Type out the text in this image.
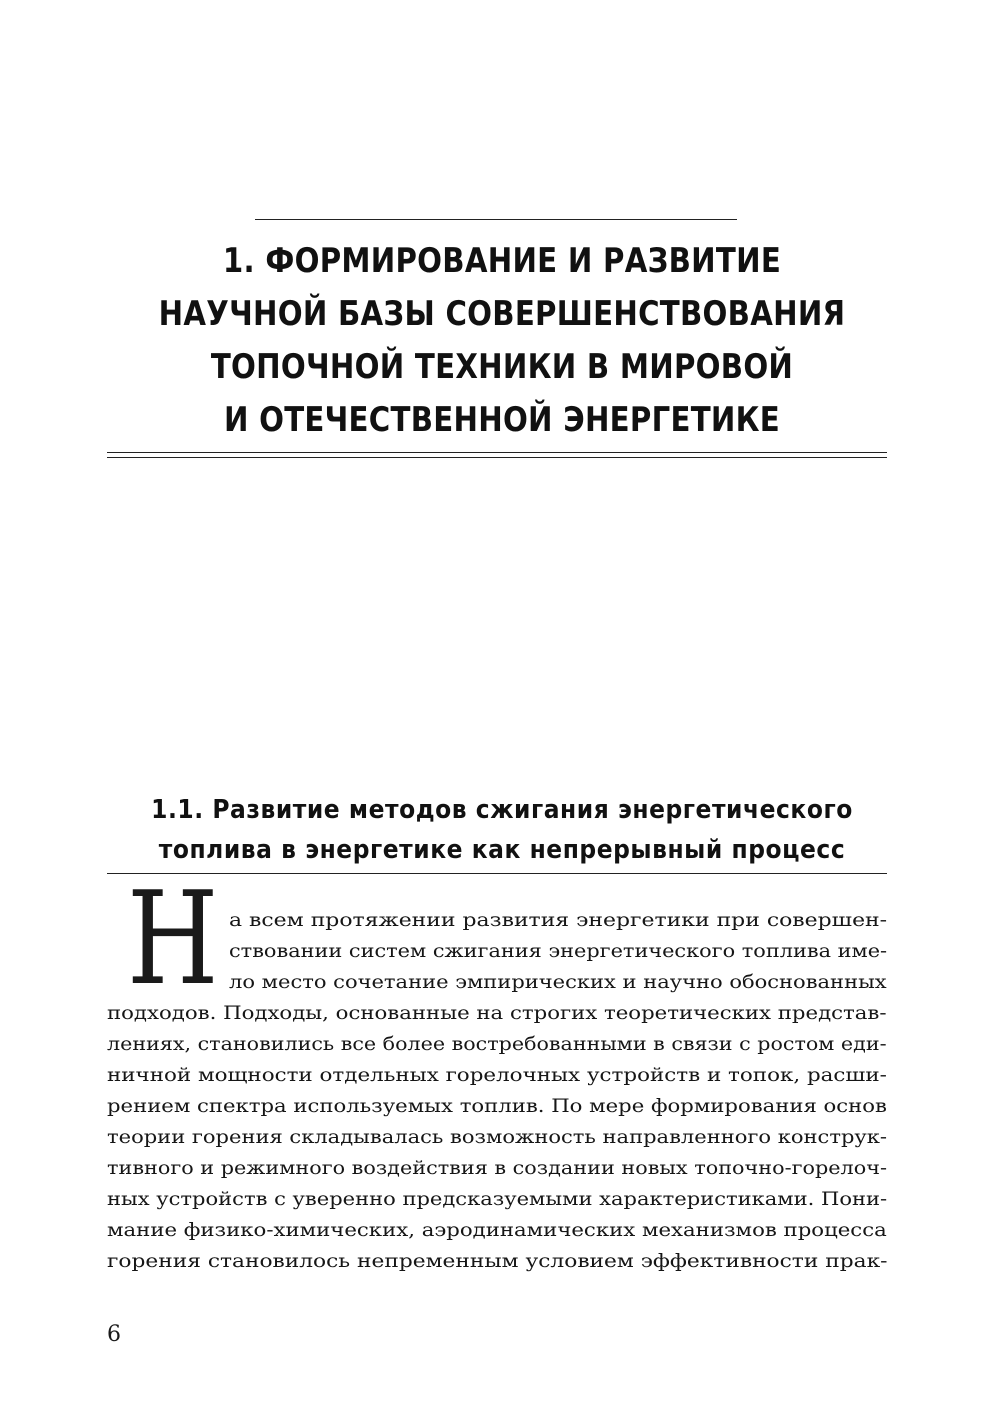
1. ФОРМИРОВАНИЕ И РАЗВИТИЕ
НАУЧНОЙ БАЗЫ СОВЕРШЕНСТВОВАНИЯ
ТОПОЧНОЙ ТЕХНИКИ В МИРОВОЙ
И ОТЕЧЕСТВЕННОЙ ЭНЕРГЕТИКЕ
1.1. Развитие методов сжигания энергетического
топлива в энергетике как непрерывный процесс
Н а всем протяжении развития энергетики при совершен-
ствовании систем сжигания энергетического топлива име-
ло место сочетание эмпирических и научно обоснованных
подходов. Подходы, основанные на строгих теоретических представ-
лениях, становились все более востребованными в связи с ростом еди-
ничной мощности отдельных горелочных устройств и топок, расши-
рением спектра используемых топлив. По мере формирования основ
теории горения складывалась возможность направленного конструк-
тивного и режимного воздействия в создании новых топочно-горелоч-
ных устройств с уверенно предсказуемыми характеристиками. Пони-
мание физико-химических, аэродинамических механизмов процесса
горения становилось непременным условием эффективности прак-
6
